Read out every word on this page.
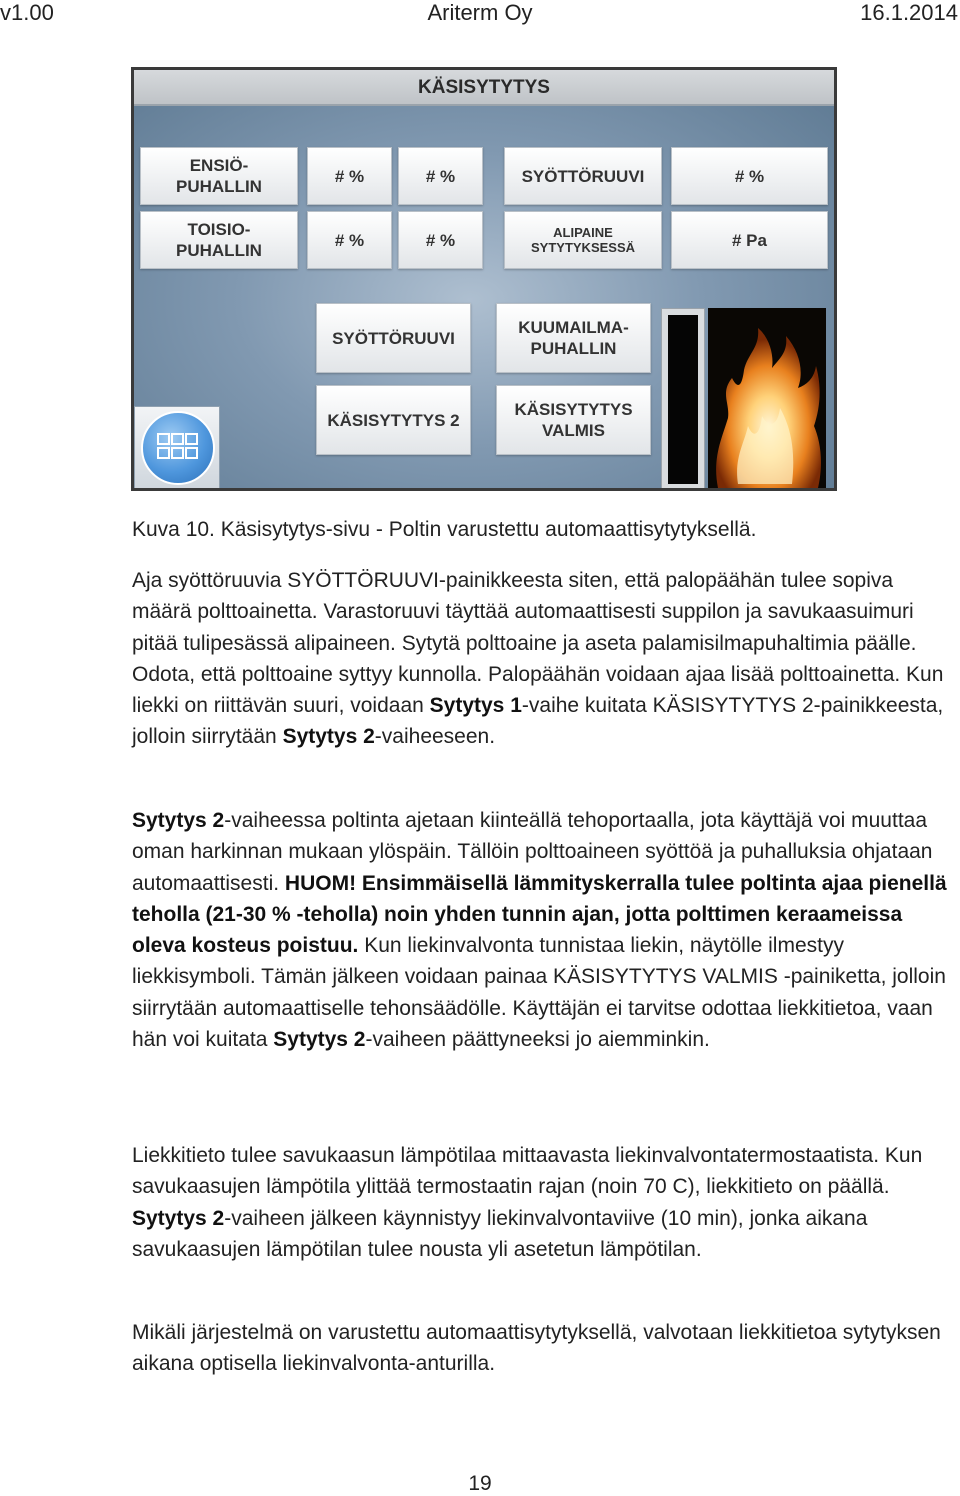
v1.00	Ariterm Oy	16.1.2014
KÄSISYTYTYS
ENSIÖ-
PUHALLIN
# %	# %	SYÖTTÖRUUVI	# %
TOISIO-
PUHALLIN
# %	# %	ALIPAINE
SYTYTYKSESSÄ	# Pa
SYÖTTÖRUUVI
KUUMAILMA-
PUHALLIN
KÄSISYTYTYS 2
KÄSISYTYTYS
VALMIS
Kuva 10. Käsisytytys-sivu - Poltin varustettu automaattisytytyksellä.
Aja syöttöruuvia SYÖTTÖRUUVI-painikkeesta siten, että palopäähän tulee sopiva määrä polttoainetta. Varastoruuvi täyttää automaattisesti suppilon ja savukaasuimuri pitää tulipesässä alipaineen. Sytytä polttoaine ja aseta palamisilmapuhaltimia päälle. Odota, että polttoaine syttyy kunnolla. Palopäähän voidaan ajaa lisää polttoainetta. Kun liekki on riittävän suuri, voidaan Sytytys 1-vaihe kuitata KÄSISYTYTYS 2-painikkeesta, jolloin siirrytään Sytytys 2-vaiheeseen.
Sytytys 2-vaiheessa poltinta ajetaan kiinteällä tehoportaalla, jota käyttäjä voi muuttaa oman harkinnan mukaan ylöspäin. Tällöin polttoaineen syöttöä ja puhalluksia ohjataan automaattisesti. HUOM! Ensimmäisellä lämmityskerralla tulee poltinta ajaa pienellä teholla (21-30 % -teholla) noin yhden tunnin ajan, jotta polttimen keraameissa oleva kosteus poistuu. Kun liekinvalvonta tunnistaa liekin, näytölle ilmestyy liekkisymboli. Tämän jälkeen voidaan painaa KÄSISYTYTYS VALMIS -painiketta, jolloin siirrytään automaattiselle tehonsäädölle. Käyttäjän ei tarvitse odottaa liekkitietoa, vaan hän voi kuitata Sytytys 2-vaiheen päättyneeksi jo aiemminkin.
Liekkitieto tulee savukaasun lämpötilaa mittaavasta liekinvalvontatermostaatista. Kun savukaasujen lämpötila ylittää termostaatin rajan (noin 70 C), liekkitieto on päällä. Sytytys 2-vaiheen jälkeen käynnistyy liekinvalvontaviive (10 min), jonka aikana savukaasujen lämpötilan tulee nousta yli asetetun lämpötilan.
Mikäli järjestelmä on varustettu automaattisytytyksellä, valvotaan liekkitietoa sytytyksen aikana optisella liekinvalvonta-anturilla.
19
